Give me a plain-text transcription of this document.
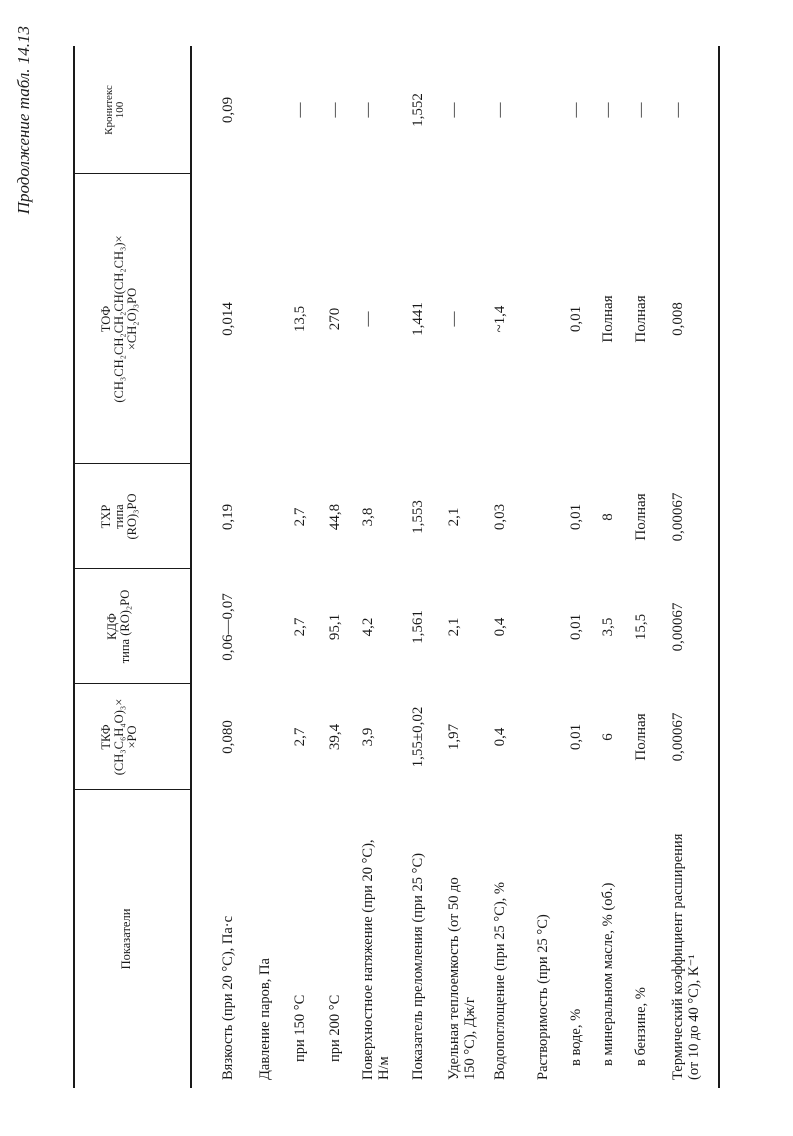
Продолжение табл. 14.13
Показатели
ТКФ (CH₃C₆H₄O)₃× ×PO
КДФ типа (RO)₂PO
ТХР типа (RO)₃PO
ТОФ (CH₃CH₂CH₂CH₂CH(CH₂CH₃)× ×CH₂O)₃PO
Кронитекс 100
Вязкость (при 20 °С), Па·с
0,080
0,06—0,07
0,19
0,014
0,09
Давление паров, Па при 150 °С
2,7
2,7
2,7
13,5
—
при 200 °С
39,4
95,1
44,8
270
—
Поверхностное натяжение (при 20 °С), Н/м
3,9
4,2
3,8
—
—
Показатель преломления (при 25 °С)
1,55±0,02
1,561
1,553
1,441
1,552
Удельная теплоемкость (от 50 до 150 °С), Дж/г
1,97
2,1
2,1
—
—
Водопоглощение (при 25 °С), %
0,4
0,4
0,03
~1,4
—
Растворимость (при 25 °С) в воде, %
0,01
0,01
0,01
0,01
—
в минеральном масле, % (об.)
6
3,5
8
Полная
—
в бензине, %
Полная
15,5
Полная
Полная
—
Термический коэффициент расширения (от 10 до 40 °С), К⁻¹
0,00067
0,00067
0,00067
0,008
—
